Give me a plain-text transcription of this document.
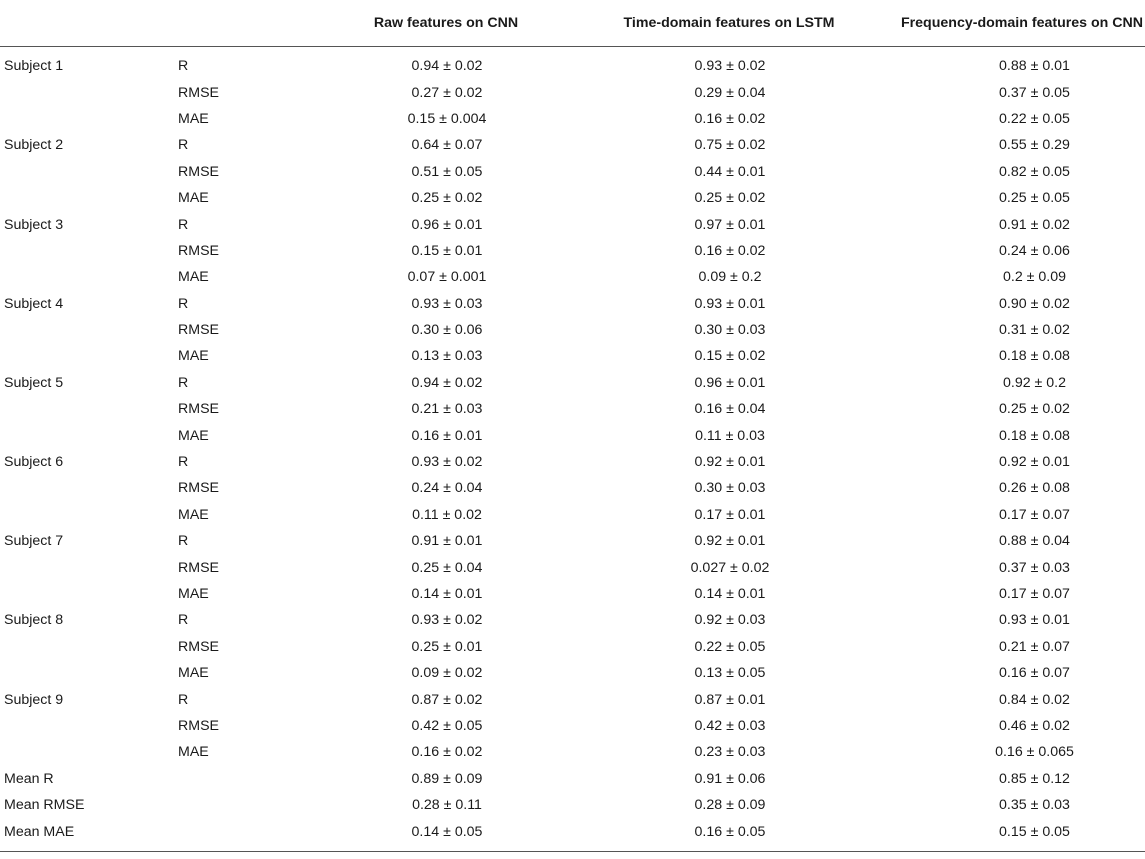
		Raw features on CNN	Time-domain features on LSTM	Frequency-domain features on CNN
Subject 1	R	0.94 ± 0.02	0.93 ± 0.02	0.88 ± 0.01
	RMSE	0.27 ± 0.02	0.29 ± 0.04	0.37 ± 0.05
	MAE	0.15 ± 0.004	0.16 ± 0.02	0.22 ± 0.05
Subject 2	R	0.64 ± 0.07	0.75 ± 0.02	0.55 ± 0.29
	RMSE	0.51 ± 0.05	0.44 ± 0.01	0.82 ± 0.05
	MAE	0.25 ± 0.02	0.25 ± 0.02	0.25 ± 0.05
Subject 3	R	0.96 ± 0.01	0.97 ± 0.01	0.91 ± 0.02
	RMSE	0.15 ± 0.01	0.16 ± 0.02	0.24 ± 0.06
	MAE	0.07 ± 0.001	0.09 ± 0.2	0.2 ± 0.09
Subject 4	R	0.93 ± 0.03	0.93 ± 0.01	0.90 ± 0.02
	RMSE	0.30 ± 0.06	0.30 ± 0.03	0.31 ± 0.02
	MAE	0.13 ± 0.03	0.15 ± 0.02	0.18 ± 0.08
Subject 5	R	0.94 ± 0.02	0.96 ± 0.01	0.92 ± 0.2
	RMSE	0.21 ± 0.03	0.16 ± 0.04	0.25 ± 0.02
	MAE	0.16 ± 0.01	0.11 ± 0.03	0.18 ± 0.08
Subject 6	R	0.93 ± 0.02	0.92 ± 0.01	0.92 ± 0.01
	RMSE	0.24 ± 0.04	0.30 ± 0.03	0.26 ± 0.08
	MAE	0.11 ± 0.02	0.17 ± 0.01	0.17 ± 0.07
Subject 7	R	0.91 ± 0.01	0.92 ± 0.01	0.88 ± 0.04
	RMSE	0.25 ± 0.04	0.027 ± 0.02	0.37 ± 0.03
	MAE	0.14 ± 0.01	0.14 ± 0.01	0.17 ± 0.07
Subject 8	R	0.93 ± 0.02	0.92 ± 0.03	0.93 ± 0.01
	RMSE	0.25 ± 0.01	0.22 ± 0.05	0.21 ± 0.07
	MAE	0.09 ± 0.02	0.13 ± 0.05	0.16 ± 0.07
Subject 9	R	0.87 ± 0.02	0.87 ± 0.01	0.84 ± 0.02
	RMSE	0.42 ± 0.05	0.42 ± 0.03	0.46 ± 0.02
	MAE	0.16 ± 0.02	0.23 ± 0.03	0.16 ± 0.065
Mean R		0.89 ± 0.09	0.91 ± 0.06	0.85 ± 0.12
Mean RMSE		0.28 ± 0.11	0.28 ± 0.09	0.35 ± 0.03
Mean MAE		0.14 ± 0.05	0.16 ± 0.05	0.15 ± 0.05
